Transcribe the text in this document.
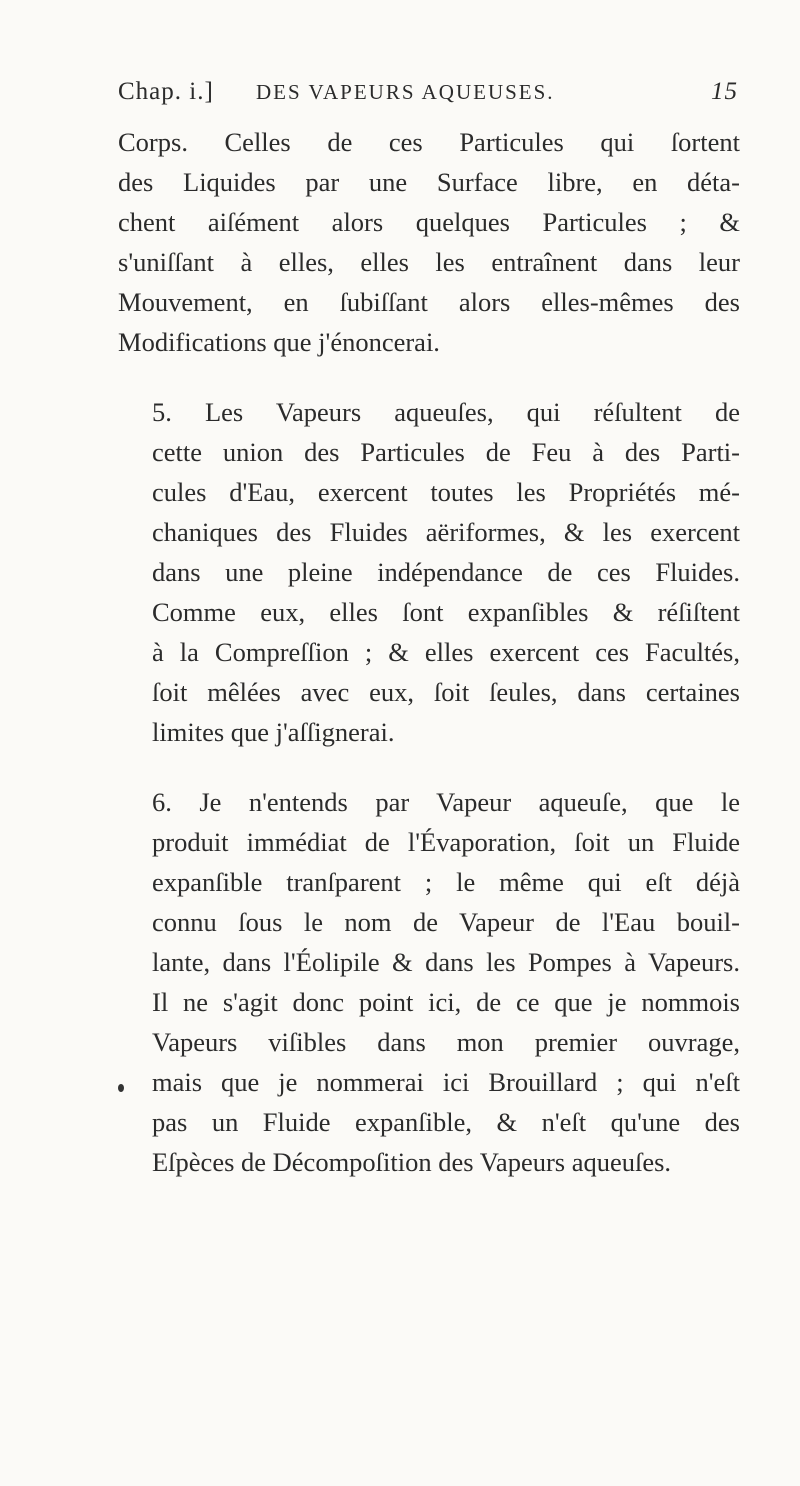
Chap. i.] DES VAPEURS AQUEUSES.	15

Corps. Celles de ces Particules qui ſortent
des Liquides par une Surface libre, en déta-
chent aiſément alors quelques Particules ; &
s'uniſſant à elles, elles les entraînent dans leur
Mouvement, en ſubiſſant alors elles-mêmes des
Modifications que j'énoncerai.

5. Les Vapeurs aqueuſes, qui réſultent de
cette union des Particules de Feu à des Parti-
cules d'Eau, exercent toutes les Propriétés mé-
chaniques des Fluides aëriformes, & les exercent
dans une pleine indépendance de ces Fluides.
Comme eux, elles ſont expanſibles & réſiſtent
à la Compreſſion ; & elles exercent ces Facultés,
ſoit mêlées avec eux, ſoit ſeules, dans certaines
limites que j'aſſignerai.

6. Je n'entends par Vapeur aqueuſe, que le
produit immédiat de l'Évaporation, ſoit un Fluide
expanſible tranſparent ; le même qui eſt déjà
connu ſous le nom de Vapeur de l'Eau bouil-
lante, dans l'Éolipile & dans les Pompes à Vapeurs.
Il ne s'agit donc point ici, de ce que je nommois
Vapeurs viſibles dans mon premier ouvrage,
mais que je nommerai ici Brouillard ; qui n'eſt
pas un Fluide expanſible, & n'eſt qu'une des
Eſpèces de Décompoſition des Vapeurs aqueuſes.
